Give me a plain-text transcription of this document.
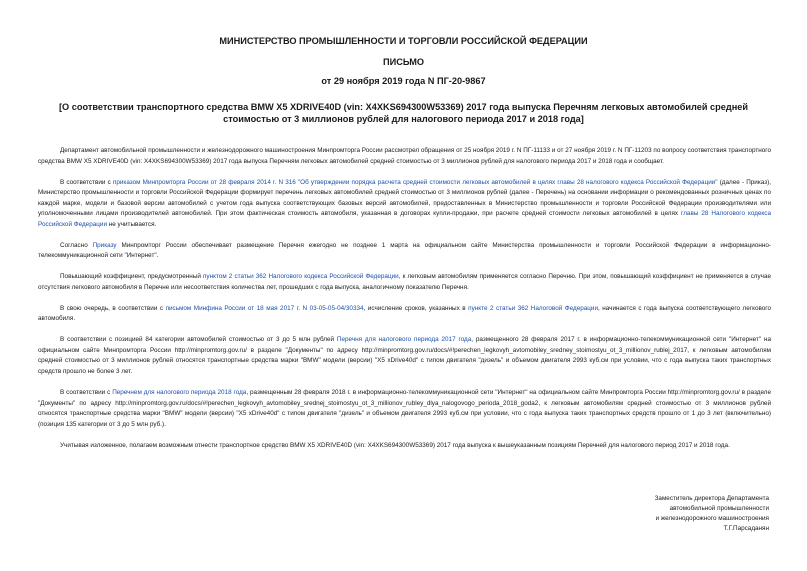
МИНИСТЕРСТВО ПРОМЫШЛЕННОСТИ И ТОРГОВЛИ РОССИЙСКОЙ ФЕДЕРАЦИИ
ПИСЬМО
от 29 ноября 2019 года N ПГ-20-9867
[О соответствии транспортного средства BMW X5 XDRIVE40D (vin: X4XKS694300W53369) 2017 года выпуска Перечням легковых автомобилей средней стоимостью от 3 миллионов рублей для налогового периода 2017 и 2018 года]

Департамент автомобильной промышленности и железнодорожного машиностроения Минпромторга России рассмотрел обращения от 25 ноября 2019 г. N ПГ-11133 и от 27 ноября 2019 г. N ПГ-11203 по вопросу соответствия транспортного средства BMW X5 XDRIVE40D (vin: X4XKS694300W53369) 2017 года выпуска Перечням легковых автомобилей средней стоимостью от 3 миллионов рублей для налогового периода 2017 и 2018 года и сообщает.

В соответствии с приказом Минпромторга России от 28 февраля 2014 г. N 316 "Об утверждении порядка расчета средней стоимости легковых автомобилей в целях главы 28 налогового кодекса Российской Федерации" (далее - Приказ), Министерство промышленности и торговли Российской Федерации формирует перечень легковых автомобилей средней стоимостью от 3 миллионов рублей (далее - Перечень) на основании информации о рекомендованных розничных ценах по каждой марке, модели и базовой версии автомобилей с учетом года выпуска соответствующих базовых версий автомобилей, предоставленных в Министерство промышленности и торговли Российской Федерации производителями или уполномоченными лицами производителей автомобилей. При этом фактическая стоимость автомобиля, указанная в договорах купли-продажи, при расчете средней стоимости легковых автомобилей в целях главы 28 Налогового кодекса Российской Федерации не учитывается.

Согласно Приказу Минпромторг России обеспечивает размещение Перечня ежегодно не позднее 1 марта на официальном сайте Министерства промышленности и торговли Российской Федерации в информационно-телекоммуникационной сети "Интернет".

Повышающий коэффициент, предусмотренный пунктом 2 статьи 362 Налогового кодекса Российской Федерации, к легковым автомобилям применяется согласно Перечню. При этом, повышающий коэффициент не применяется в случае отсутствия легкового автомобиля в Перечне или несоответствия количества лет, прошедших с года выпуска, аналогичному показателю Перечня.

В свою очередь, в соответствии с письмом Минфина России от 18 мая 2017 г. N 03-05-05-04/30334, исчисление сроков, указанных в пункте 2 статьи 362 Налоговой Федерации, начинается с года выпуска соответствующего легкового автомобиля.

В соответствии с позицией 84 категории автомобилей стоимостью от 3 до 5 млн рублей Перечня для налогового периода 2017 года, размещенного 28 февраля 2017 г. в информационно-телекоммуникационной сети "Интернет" на официальном сайте Минпромторга России http://minpromtorg.gov.ru/ в разделе "Документы" по адресу http://minpromtorg.gov.ru/docs/#!perechen_legkovyh_avtomobiley_sredney_stoimostyu_ot_3_millionov_rublej_2017, к легковым автомобилям средней стоимостью от 3 миллионов рублей относятся транспортные средства марки "BMW" модели (версии) "X5 xDrive40d" с типом двигателя "дизель" и объемом двигателя 2993 куб.см при условии, что с года выпуска таких транспортных средств прошло не более 3 лет.

В соответствии с Перечнем для налогового периода 2018 года, размещенным 28 февраля 2018 г. в информационно-телекоммуникационной сети "Интернет" на официальном сайте Минпромторга России http://minpromtorg.gov.ru/ в разделе "Документы" по адресу http://minpromtorg.gov.ru/docs/#!perechen_legkovyh_avtomobiley_srednej_stoimostyu_ot_3_millionov_rubley_dlya_nalogovogo_perioda_2018_goda2, к легковым автомобилям средней стоимостью от 3 миллионов рублей относятся транспортные средства марки "BMW" модели (версии) "X5 xDrive40d" с типом двигателя "дизель" и объемом двигателя 2993 куб.см при условии, что с года выпуска таких транспортных средств прошло от 1 до 3 лет (включительно) (позиция 135 категории от 3 до 5 млн руб.).

Учитывая изложенное, полагаем возможным отнести транспортное средство BMW X5 XDRIVE40D (vin: X4XKS694300W53369) 2017 года выпуска к вышеуказанным позициям Перечней для налогового период 2017 и 2018 года.

Заместитель директора Департамента
автомобильной промышленности
и железнодорожного машиностроения
Т.Г.Парсаданян
